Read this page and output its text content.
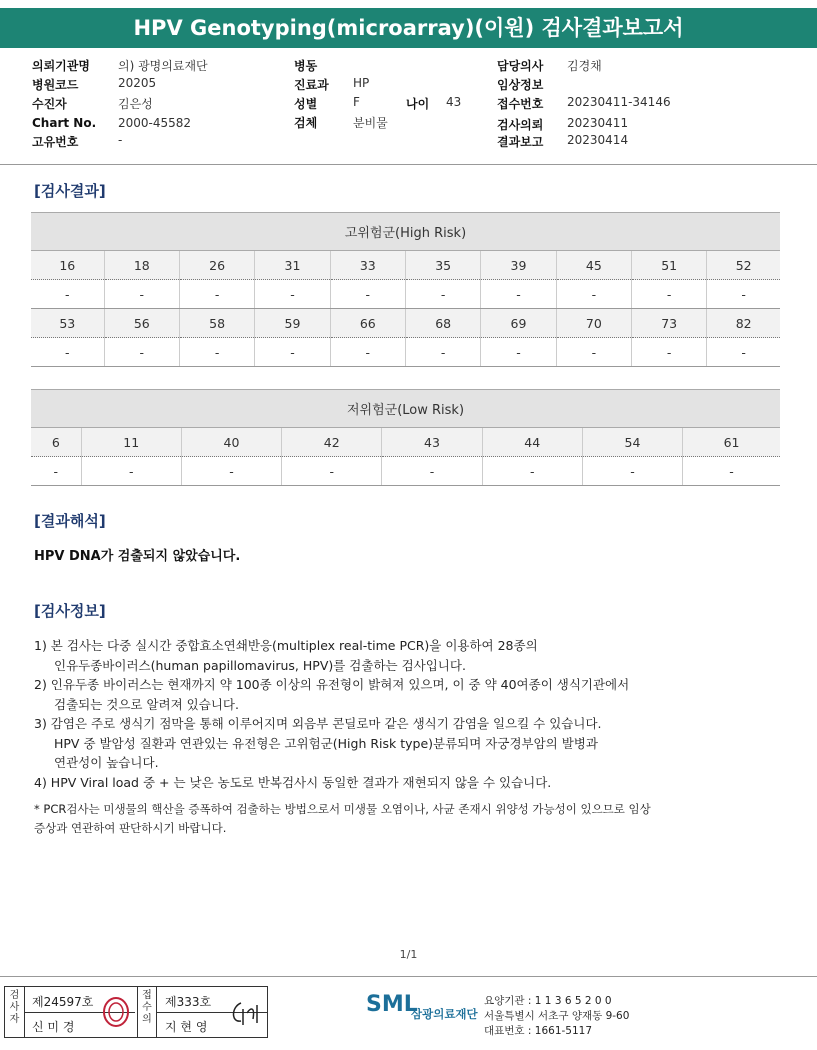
HPV Genotyping(microarray)(이원) 검사결과보고서
의뢰기관명 의) 광명의료재단
병원코드	20205
수진자	김은성
Chart No. 2000-45582
고유번호	-
병동
진료과 HP
성별	F	나이 43
검체	분비물
담당의사 김경채
임상정보
접수번호 20230411-34146
검사의뢰 20230411
결과보고 20230414
[검사결과]
고위험군(High Risk)									
16	18	26	31	33	35	39	45	51	52
-	-	-	-	-	-	-	-	-	-
53	56	58	59	66	68	69	70	73	82
-	-	-	-	-	-	-	-	-	-
저위험군(Low Risk)							
6	11	40	42	43	44	54	61
-	-	-	-	-	-	-	-
[결과해석]
HPV DNA가 검출되지 않았습니다.
[검사정보]
1) 본 검사는 다중 실시간 중합효소연쇄반응(multiplex real-time PCR)을 이용하여 28종의
인유두종바이러스(human papillomavirus, HPV)를 검출하는 검사입니다.
2) 인유두종 바이러스는 현재까지 약 100종 이상의 유전형이 밝혀져 있으며, 이 중 약 40여종이 생식기관에서
검출되는 것으로 알려져 있습니다.
3) 감염은 주로 생식기 점막을 통해 이루어지며 외음부 콘딜로마 같은 생식기 감염을 일으킬 수 있습니다.
HPV 중 발암성 질환과 연관있는 유전형은 고위험군(High Risk type)분류되며 자궁경부암의 발병과
연관성이 높습니다.
4) HPV Viral load 중 + 는 낮은 농도로 반복검사시 동일한 결과가 재현되지 않을 수 있습니다.
* PCR검사는 미생물의 핵산을 증폭하여 검출하는 방법으로서 미생물 오염이나, 사균 존재시 위양성 가능성이 있으므로 임상
증상과 연관하여 판단하시기 바랍니다.
1/1
검사자
제24597호
신 미 경
접수의
제333호
지 현 영
SML
삼광의료재단
요양기관 : 1 1 3 6 5 2 0 0
서울특별시 서초구 양재동 9-60
대표번호 : 1661-5117
